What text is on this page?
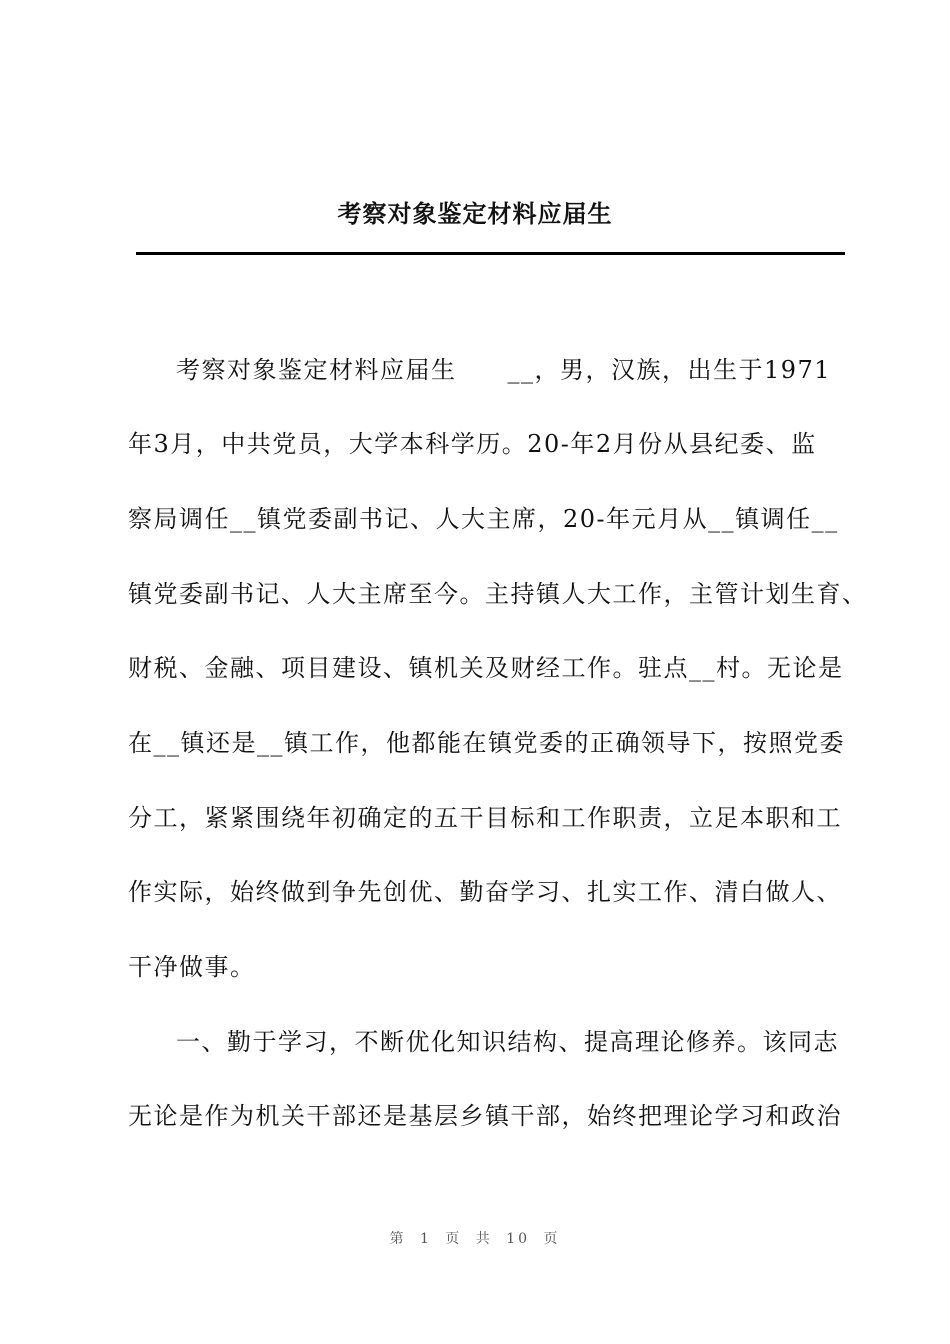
考察对象鉴定材料应届生

考察对象鉴定材料应届生　　__，男，汉族，出生于1971

年3月，中共党员，大学本科学历。20-年2月份从县纪委、监

察局调任__镇党委副书记、人大主席，20-年元月从__镇调任__

镇党委副书记、人大主席至今。主持镇人大工作，主管计划生育、

财税、金融、项目建设、镇机关及财经工作。驻点__村。无论是

在__镇还是__镇工作，他都能在镇党委的正确领导下，按照党委

分工，紧紧围绕年初确定的五干目标和工作职责，立足本职和工

作实际，始终做到争先创优、勤奋学习、扎实工作、清白做人、

干净做事。

一、勤于学习，不断优化知识结构、提高理论修养。该同志

无论是作为机关干部还是基层乡镇干部，始终把理论学习和政治

第 1 页 共 10 页
